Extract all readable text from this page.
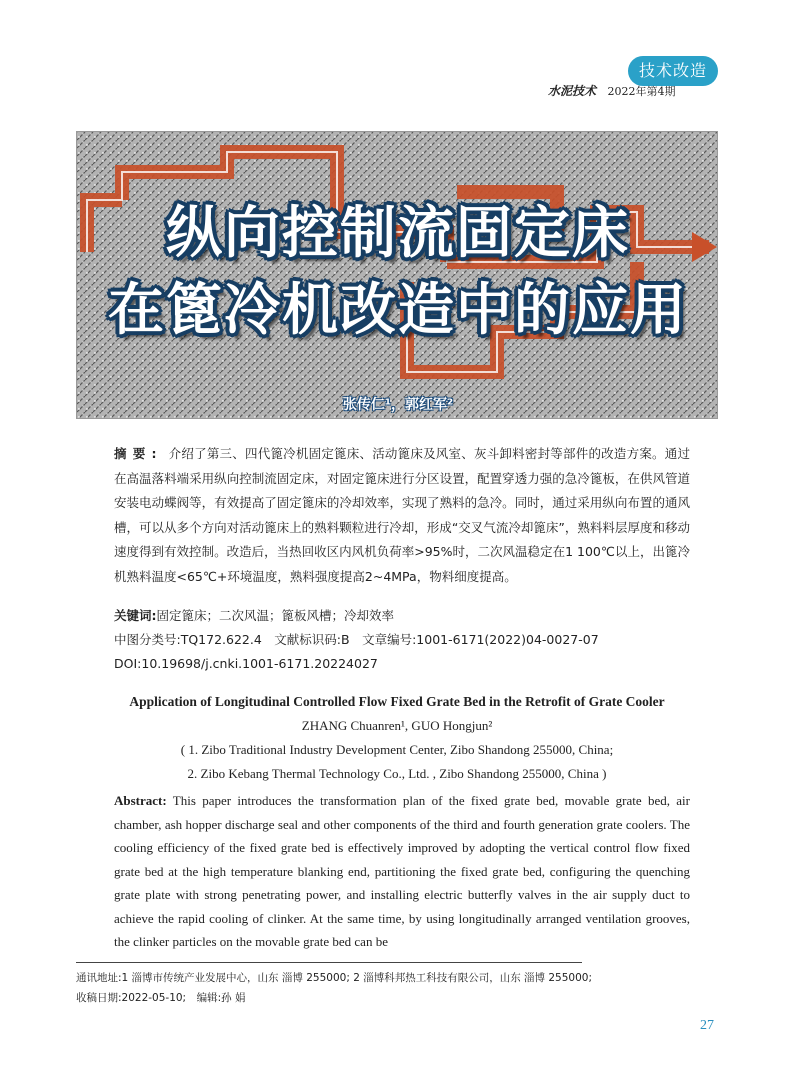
技术改造
水泥技术 2022年第4期
纵向控制流固定床
在篦冷机改造中的应用
张传仁¹，郭红军²
摘要: 介绍了第三、四代篦冷机固定篦床、活动篦床及风室、灰斗卸料密封等部件的改造方案。通过在高温落料端采用纵向控制流固定床，对固定篦床进行分区设置，配置穿透力强的急冷篦板，在供风管道安装电动蝶阀等，有效提高了固定篦床的冷却效率，实现了熟料的急冷。同时，通过采用纵向布置的通风槽，可以从多个方向对活动篦床上的熟料颗粒进行冷却，形成“交叉气流冷却篦床”，熟料料层厚度和移动速度得到有效控制。改造后，当热回收区内风机负荷率>95%时，二次风温稳定在1 100℃以上，出篦冷机熟料温度<65℃+环境温度，熟料强度提高2~4MPa，物料细度提高。
关键词:固定篦床；二次风温；篦板风槽；冷却效率
中图分类号:TQ172.622.4　文献标识码:B　文章编号:1001-6171(2022)04-0027-07
DOI:10.19698/j.cnki.1001-6171.20224027
Application of Longitudinal Controlled Flow Fixed Grate Bed in the Retrofit of Grate Cooler
ZHANG Chuanren¹, GUO Hongjun²
( 1. Zibo Traditional Industry Development Center, Zibo Shandong 255000, China;
2. Zibo Kebang Thermal Technology Co., Ltd. , Zibo Shandong 255000, China )
Abstract: This paper introduces the transformation plan of the fixed grate bed, movable grate bed, air chamber, ash hopper discharge seal and other components of the third and fourth generation grate coolers. The cooling efficiency of the fixed grate bed is effectively improved by adopting the vertical control flow fixed grate bed at the high temperature blanking end, partitioning the fixed grate bed, configuring the quenching grate plate with strong penetrating power, and installing electric butterfly valves in the air supply duct to achieve the rapid cooling of clinker. At the same time, by using longitudinally arranged ventilation grooves, the clinker particles on the movable grate bed can be
通讯地址:1 淄博市传统产业发展中心，山东 淄博 255000; 2 淄博科邦热工科技有限公司，山东 淄博 255000;
收稿日期:2022-05-10;　编辑:孙 娟
27
